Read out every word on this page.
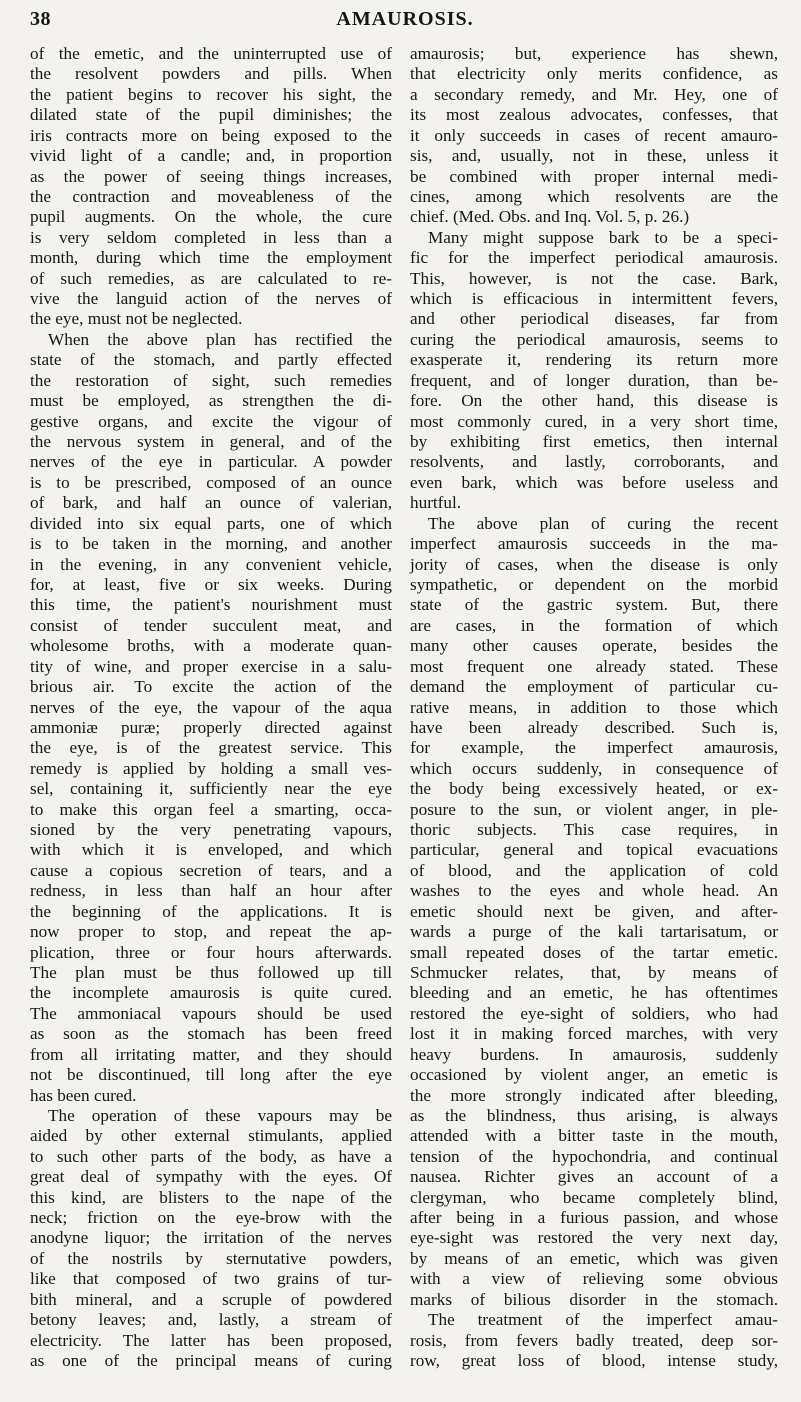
38	AMAUROSIS.
of the emetic, and the uninterrupted use of
the resolvent powders and pills. When
the patient begins to recover his sight, the
dilated state of the pupil diminishes; the
iris contracts more on being exposed to the
vivid light of a candle; and, in proportion
as the power of seeing things increases,
the contraction and moveableness of the
pupil augments. On the whole, the cure
is very seldom completed in less than a
month, during which time the employment
of such remedies, as are calculated to re-
vive the languid action of the nerves of
the eye, must not be neglected.
When the above plan has rectified the
state of the stomach, and partly effected
the restoration of sight, such remedies
must be employed, as strengthen the di-
gestive organs, and excite the vigour of
the nervous system in general, and of the
nerves of the eye in particular. A powder
is to be prescribed, composed of an ounce
of bark, and half an ounce of valerian,
divided into six equal parts, one of which
is to be taken in the morning, and another
in the evening, in any convenient vehicle,
for, at least, five or six weeks. During
this time, the patient's nourishment must
consist of tender succulent meat, and
wholesome broths, with a moderate quan-
tity of wine, and proper exercise in a salu-
brious air. To excite the action of the
nerves of the eye, the vapour of the aqua
ammoniæ puræ; properly directed against
the eye, is of the greatest service. This
remedy is applied by holding a small ves-
sel, containing it, sufficiently near the eye
to make this organ feel a smarting, occa-
sioned by the very penetrating vapours,
with which it is enveloped, and which
cause a copious secretion of tears, and a
redness, in less than half an hour after
the beginning of the applications. It is
now proper to stop, and repeat the ap-
plication, three or four hours afterwards.
The plan must be thus followed up till
the incomplete amaurosis is quite cured.
The ammoniacal vapours should be used
as soon as the stomach has been freed
from all irritating matter, and they should
not be discontinued, till long after the eye
has been cured.
The operation of these vapours may be
aided by other external stimulants, applied
to such other parts of the body, as have a
great deal of sympathy with the eyes. Of
this kind, are blisters to the nape of the
neck; friction on the eye-brow with the
anodyne liquor; the irritation of the nerves
of the nostrils by sternutative powders,
like that composed of two grains of tur-
bith mineral, and a scruple of powdered
betony leaves; and, lastly, a stream of
electricity. The latter has been proposed,
as one of the principal means of curing
amaurosis; but, experience has shewn,
that electricity only merits confidence, as
a secondary remedy, and Mr. Hey, one of
its most zealous advocates, confesses, that
it only succeeds in cases of recent amauro-
sis, and, usually, not in these, unless it
be combined with proper internal medi-
cines, among which resolvents are the
chief. (Med. Obs. and Inq. Vol. 5, p. 26.)
Many might suppose bark to be a speci-
fic for the imperfect periodical amaurosis.
This, however, is not the case. Bark,
which is efficacious in intermittent fevers,
and other periodical diseases, far from
curing the periodical amaurosis, seems to
exasperate it, rendering its return more
frequent, and of longer duration, than be-
fore. On the other hand, this disease is
most commonly cured, in a very short time,
by exhibiting first emetics, then internal
resolvents, and lastly, corroborants, and
even bark, which was before useless and
hurtful.
The above plan of curing the recent
imperfect amaurosis succeeds in the ma-
jority of cases, when the disease is only
sympathetic, or dependent on the morbid
state of the gastric system. But, there
are cases, in the formation of which
many other causes operate, besides the
most frequent one already stated. These
demand the employment of particular cu-
rative means, in addition to those which
have been already described. Such is,
for example, the imperfect amaurosis,
which occurs suddenly, in consequence of
the body being excessively heated, or ex-
posure to the sun, or violent anger, in ple-
thoric subjects. This case requires, in
particular, general and topical evacuations
of blood, and the application of cold
washes to the eyes and whole head. An
emetic should next be given, and after-
wards a purge of the kali tartarisatum, or
small repeated doses of the tartar emetic.
Schmucker relates, that, by means of
bleeding and an emetic, he has oftentimes
restored the eye-sight of soldiers, who had
lost it in making forced marches, with very
heavy burdens. In amaurosis, suddenly
occasioned by violent anger, an emetic is
the more strongly indicated after bleeding,
as the blindness, thus arising, is always
attended with a bitter taste in the mouth,
tension of the hypochondria, and continual
nausea. Richter gives an account of a
clergyman, who became completely blind,
after being in a furious passion, and whose
eye-sight was restored the very next day,
by means of an emetic, which was given
with a view of relieving some obvious
marks of bilious disorder in the stomach.
The treatment of the imperfect amau-
rosis, from fevers badly treated, deep sor-
row, great loss of blood, intense study,
